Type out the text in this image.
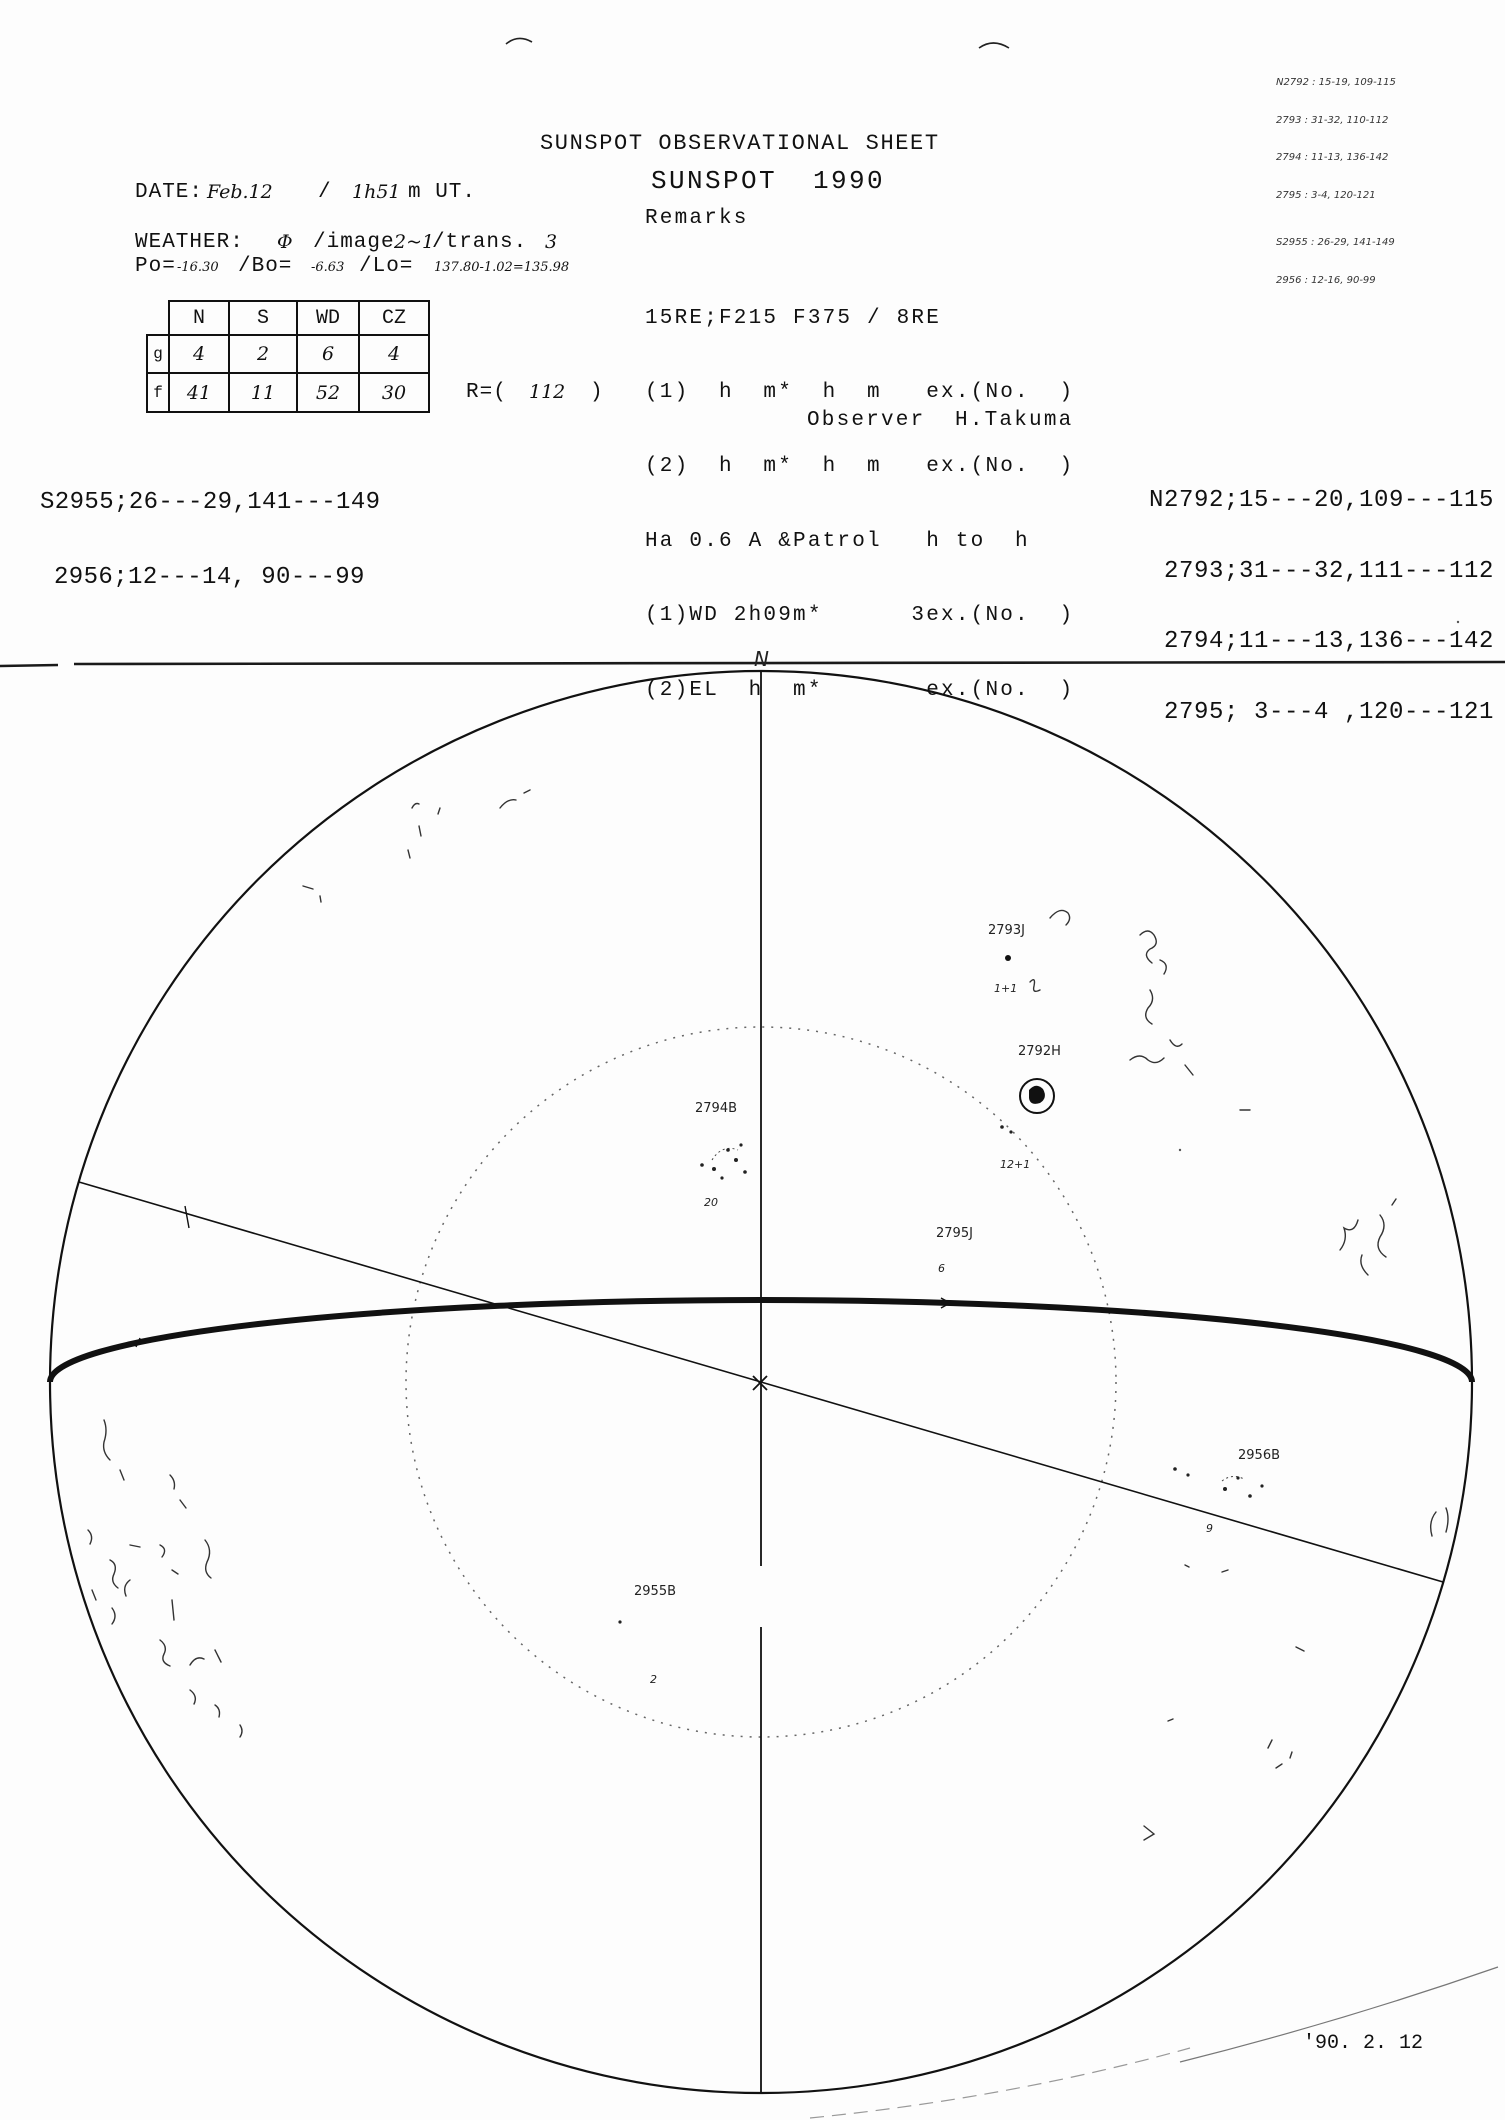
N
2793J
1+1
2792H
12+1
2794B
20
2795J
6
2956B
9
2955B
2

N2792 : 15-19, 109-115

2793 : 31-32, 110-112

2794 : 11-13, 136-142

2795 : 3-4, 120-121

S2955 : 26-29, 141-149

2956 : 12-16, 90-99

SUNSPOT OBSERVATIONAL SHEET
DATE: Feb.12 / 1h51 m UT.	SUNSPOT  1990
Remarks
WEATHER: Φ /image 2~1
/trans. 3
Po= -16.30 /Bo= -6.63 /Lo= 137.80-1.02=135.98
	N	S	WD	CZ
g	4	2	6	4
f	41	11	52	30	R=( 112 )

15RE;F215 F375 / 8RE

(1)  h  m*  h  m   ex.(No.  )

(2)  h  m*  h  m   ex.(No.  )

Ha 0.6 A &Patrol   h to  h

(1)WD 2h09m*      3ex.(No.  )

(2)EL  h  m*       ex.(No.  )

Observer  H.Takuma

S2955;26---29,141---149

2956;12---14, 90---99

N2792;15---20,109---115

2793;31---32,111---112

2794;11---13,136---142

2795; 3---4 ,120---121

'90. 2. 12
